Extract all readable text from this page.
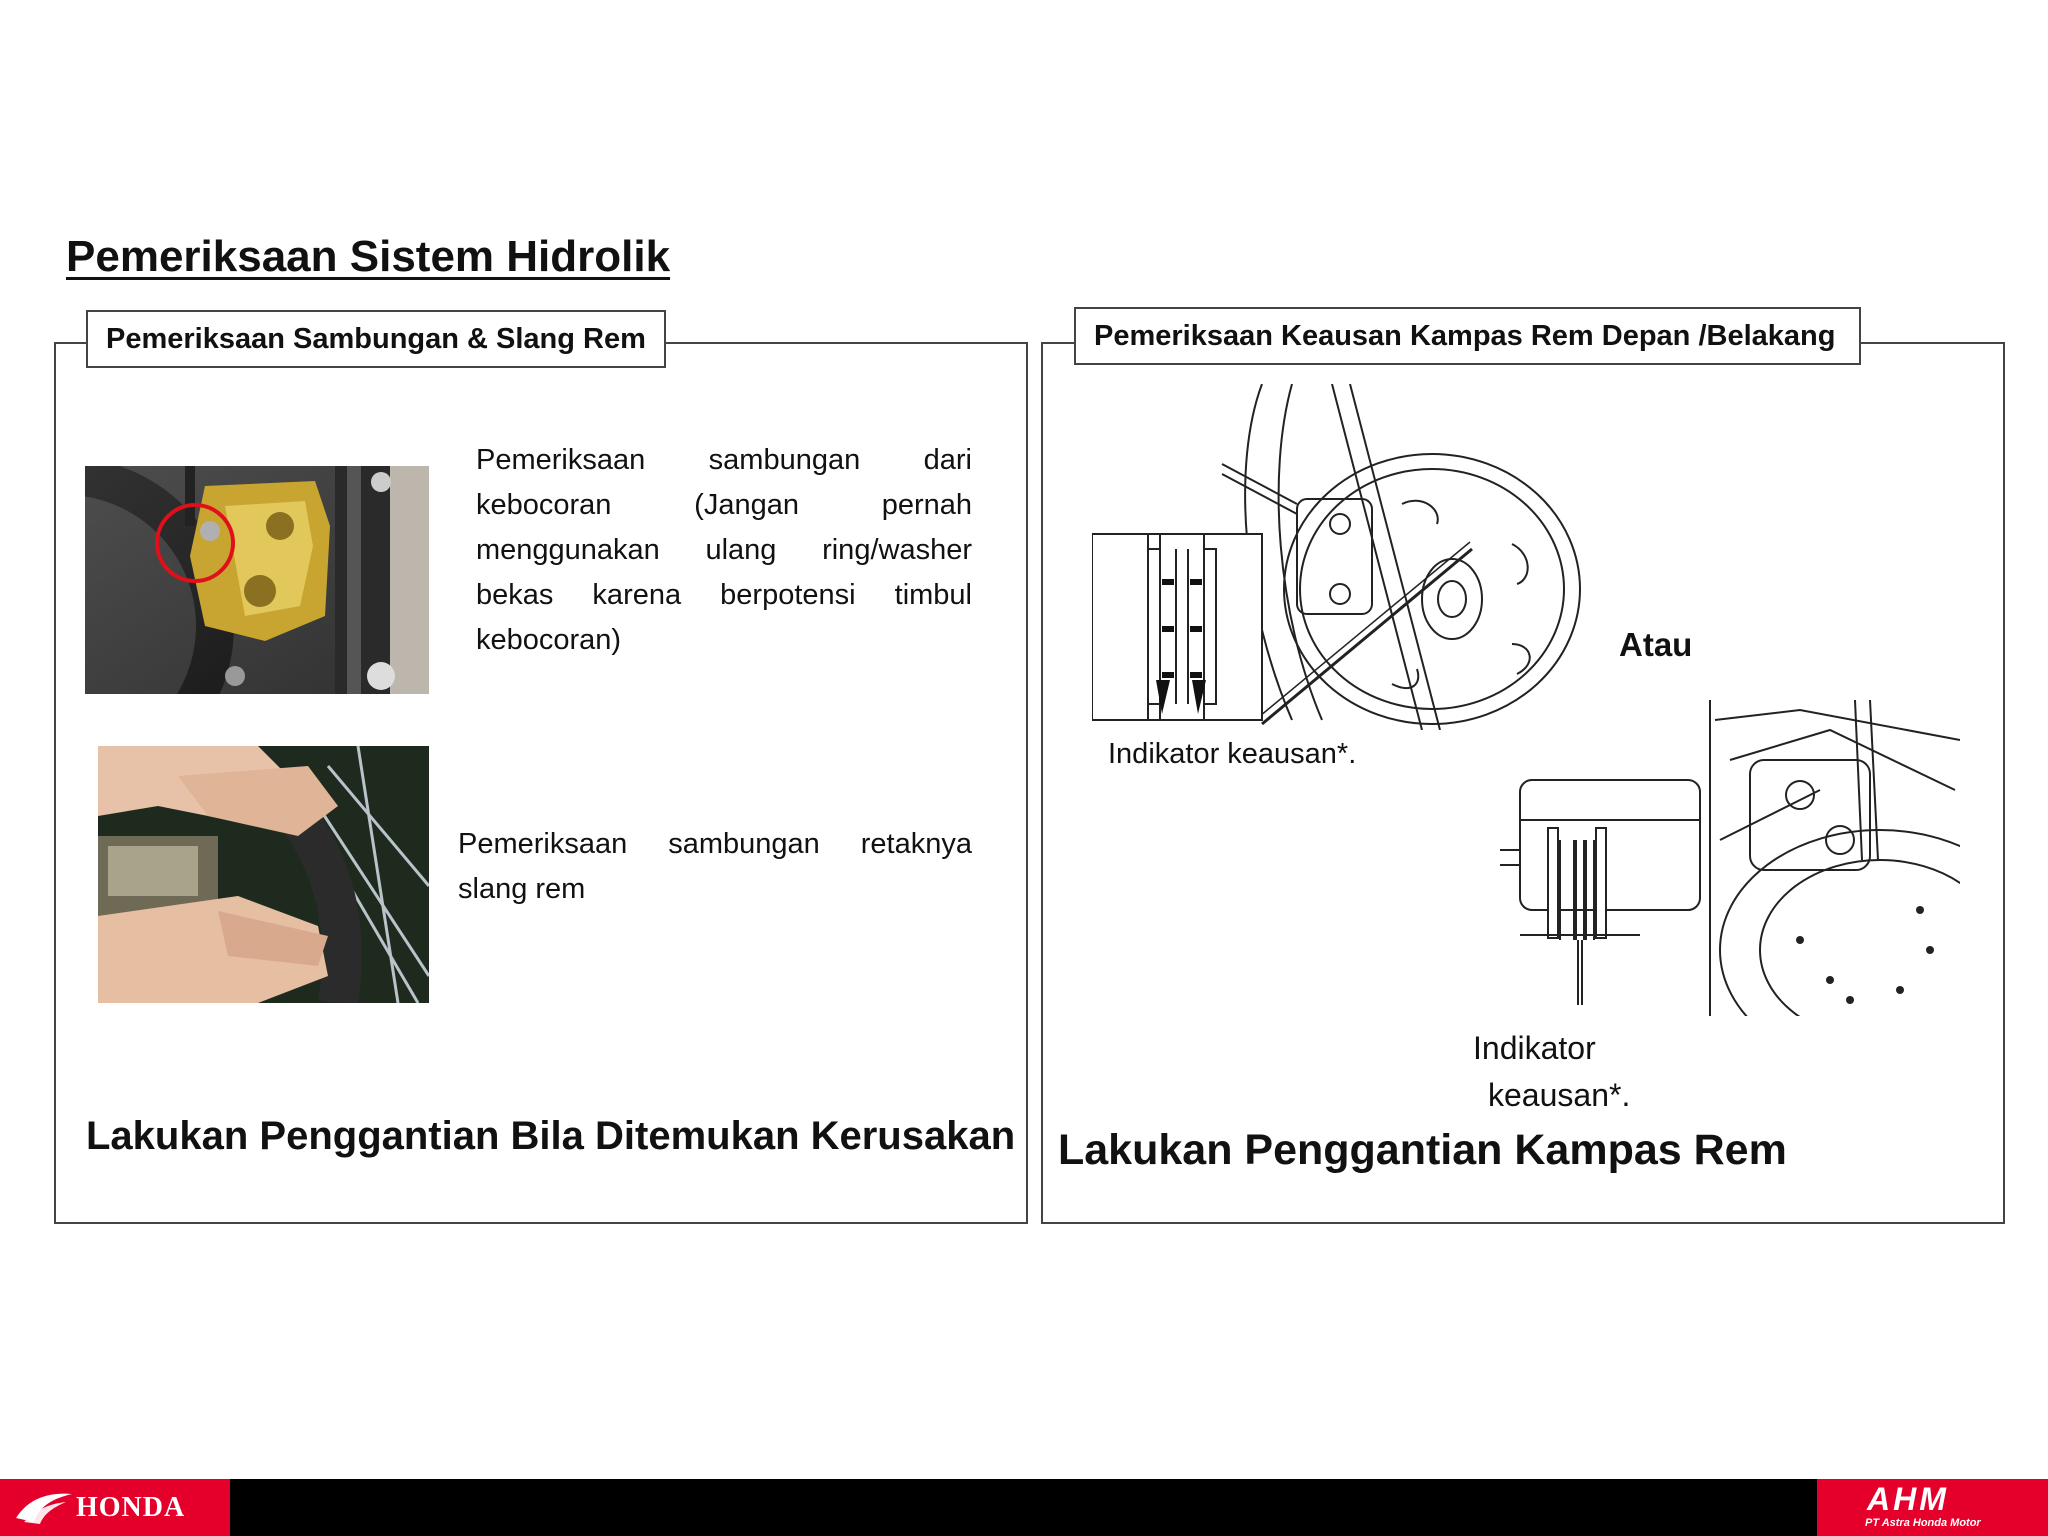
Pemeriksaan Sistem Hidrolik
Pemeriksaan Sambungan & Slang Rem
Pemeriksaan sambungan dari kebocoran (Jangan pernah menggunakan ulang ring/washer bekas karena berpotensi timbul kebocoran)
Pemeriksaan sambungan retaknya slang rem
Lakukan Penggantian Bila Ditemukan Kerusakan
Pemeriksaan Keausan Kampas Rem Depan /Belakang
Indikator keausan*.
Atau
Indikator
keausan*.
Lakukan Penggantian Kampas Rem
HONDA	AHM
PT Astra Honda Motor
